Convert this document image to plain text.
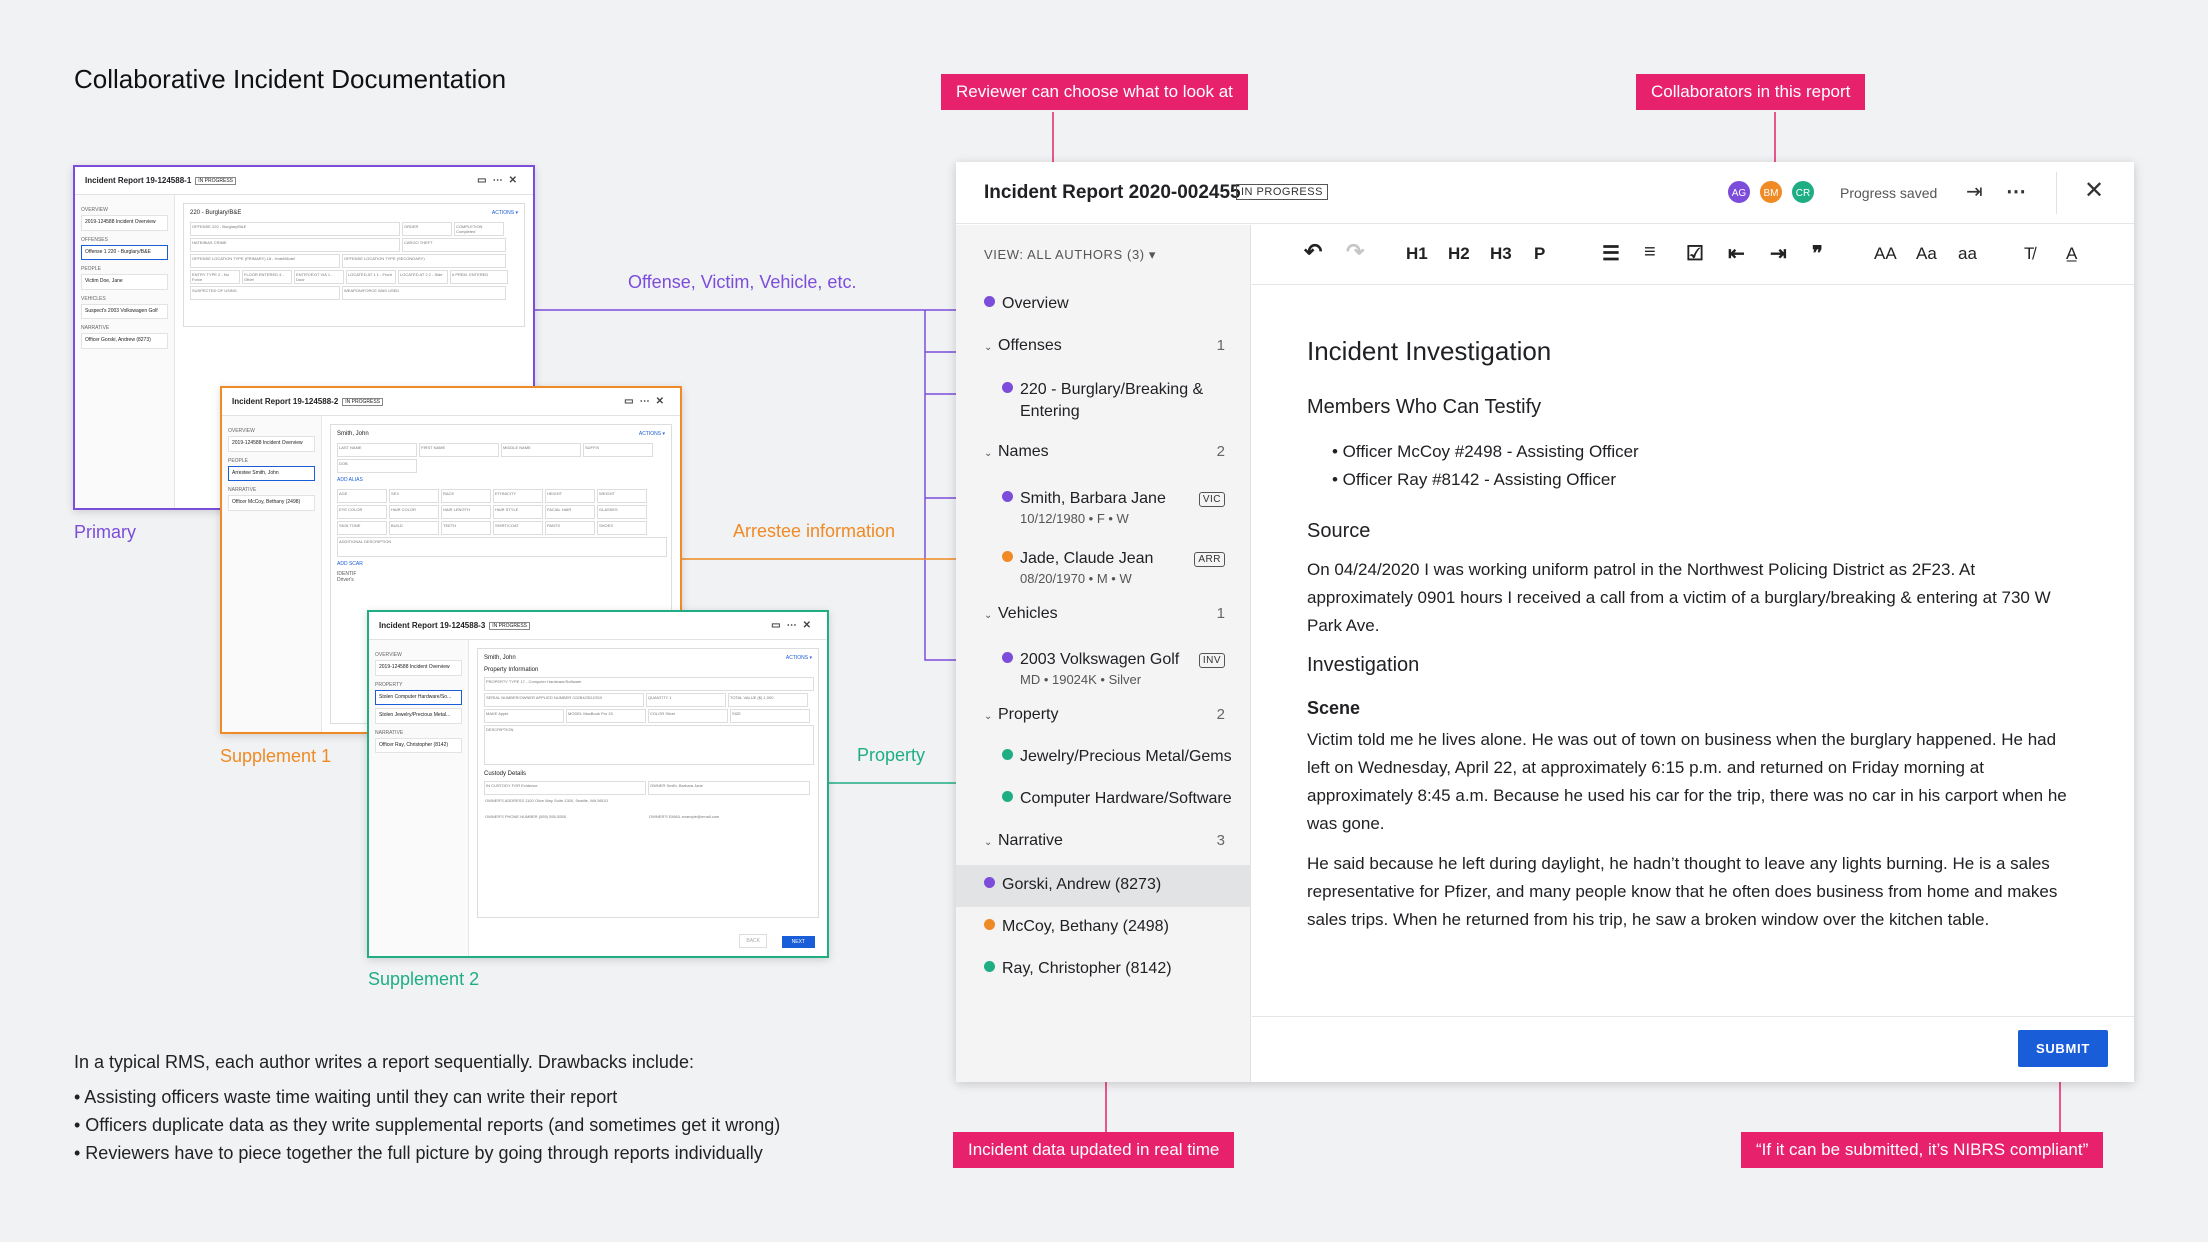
Collaborative Incident Documentation	Reviewer can choose what to look at	Collaborators in this report
Incident data updated in real time	“If it can be submitted, it’s NIBRS compliant”
Offense, Victim, Vehicle, etc.
Arrestee information
Property
Incident Report 19-124588-1	IN PROGRESS	▭⋯✕
OVERVIEW
2019-124588 Incident Overview
OFFENSES
Offense 1 220 - Burglary/B&E
PEOPLE
Victim Doe, Jane
VEHICLES
Suspect's 2003 Volkswagen Golf
NARRATIVE
Officer Gorski, Andrew (8273)
220 - Burglary/B&E	ACTIONS ▾
OFFENSE 220 - Burglary/B&E	ORDER	COMPLETION Completed HATE/BIAS CRIME	CARGO THEFT OFFENSE LOCATION TYPE (PRIMARY) 18 - Hotel/Motel	OFFENSE LOCATION TYPE (SECONDARY) ENTRY TYPE 2 - No ForceFLOOR ENTERED 4 - OtherENTRY/EXIT VIA 1 - DoorLOCATED AT 1 1 - Front LOCATED AT 2 2 - Side # PREM. ENTERED SUSPECTED OF USING	WEAPON/FORCE WAS USED
Primary
Incident Report 19-124588-2	IN PROGRESS	▭⋯✕
OVERVIEW
2019-124588 Incident Overview
PEOPLE
Arrestee Smith, John
NARRATIVE
Officer McCoy, Bethany (2498)
Smith, John	ACTIONS ▾
LAST NAME	FIRST NAME	MIDDLE NAME	SUFFIX DOB
ADD ALIAS
AGE	SEX	RACE	ETHNICITY	HEIGHT	WEIGHT EYE COLOR	HAIR COLOR	HAIR LENGTH	HAIR STYLE	FACIAL HAIR	GLASSES SKIN TONE	BUILD	TEETH	SHIRT/COAT	PANTS	SHOES ADDITIONAL DESCRIPTION
ADD SCAR
IDENTIF
Driver's
Supplement 1
Incident Report 19-124588-3	IN PROGRESS	▭⋯✕
OVERVIEW
2019-124588 Incident Overview
PROPERTY
Stolen Computer Hardware/So...
Stolen Jewelry/Precious Metal...
NARRATIVE
Officer Ray, Christopher (8142)
Smith, John	ACTIONS ▾
Property Information
PROPERTY TYPE 17 - Computer Hardware/Software SERIAL NUMBER/OWNER APPLIED NUMBER C02B42SDJG5X	QUANTITY 1	TOTAL VALUE ($) 1,000 MAKE Apple	MODEL MacBook Pro 15	COLOR Silver	SIZE DESCRIPTION
Custody Details
IN CUSTODY FOR Evidence	OWNER Smith, Barbara Jane OWNER'S ADDRESS 1100 Olive Way Suite 1300, Seattle, WA 98101 OWNER'S PHONE NUMBER (555) 555-5555	OWNER'S EMAIL example@email.com
BACK	NEXT
Supplement 2
In a typical RMS, each author writes a report sequentially. Drawbacks include:
• Assisting officers waste time waiting until they can write their report
• Officers duplicate data as they write supplemental reports (and sometimes get it wrong)
• Reviewers have to piece together the full picture by going through reports individually
Incident Report 2020-002455 IN PROGRESS	AG	BM	CR	Progress saved ⇥ ⋯ ✕
VIEW: ALL AUTHORS (3) ▾
Overview
⌄ Offenses	1
220 - Burglary/Breaking &
Entering
⌄ Names	2
Smith, Barbara Jane	VIC
10/12/1980 • F • W
Jade, Claude Jean	ARR
08/20/1970 • M • W
⌄ Vehicles	1
2003 Volkswagen Golf	INV
MD • 19024K • Silver
⌄ Property	2
Jewelry/Precious Metal/Gems
Computer Hardware/Software
⌄ Narrative	3
Gorski, Andrew (8273)
McCoy, Bethany (2498)
Ray, Christopher (8142)
↶ ↷ H1 H2 H3 P	☰ ≡ ☑ ⇤ ⇥ ❞	AA Aa aa	T̸ A̲
Incident Investigation
Members Who Can Testify
• Officer McCoy #2498 - Assisting Officer
• Officer Ray #8142 - Assisting Officer
Source
On 04/24/2020 I was working uniform patrol in the Northwest Policing District as 2F23. At approximately 0901 hours I received a call from a victim of a burglary/breaking & entering at 730 W Park Ave.
Investigation
Scene
Victim told me he lives alone. He was out of town on business when the burglary happened. He had left on Wednesday, April 22, at approximately 6:15 p.m. and returned on Friday morning at approximately 8:45 a.m. Because he used his car for the trip, there was no car in his carport when he was gone.
He said because he left during daylight, he hadn’t thought to leave any lights burning. He is a sales representative for Pfizer, and many people know that he often does business from home and makes sales trips. When he returned from his trip, he saw a broken window over the kitchen table.
SUBMIT
